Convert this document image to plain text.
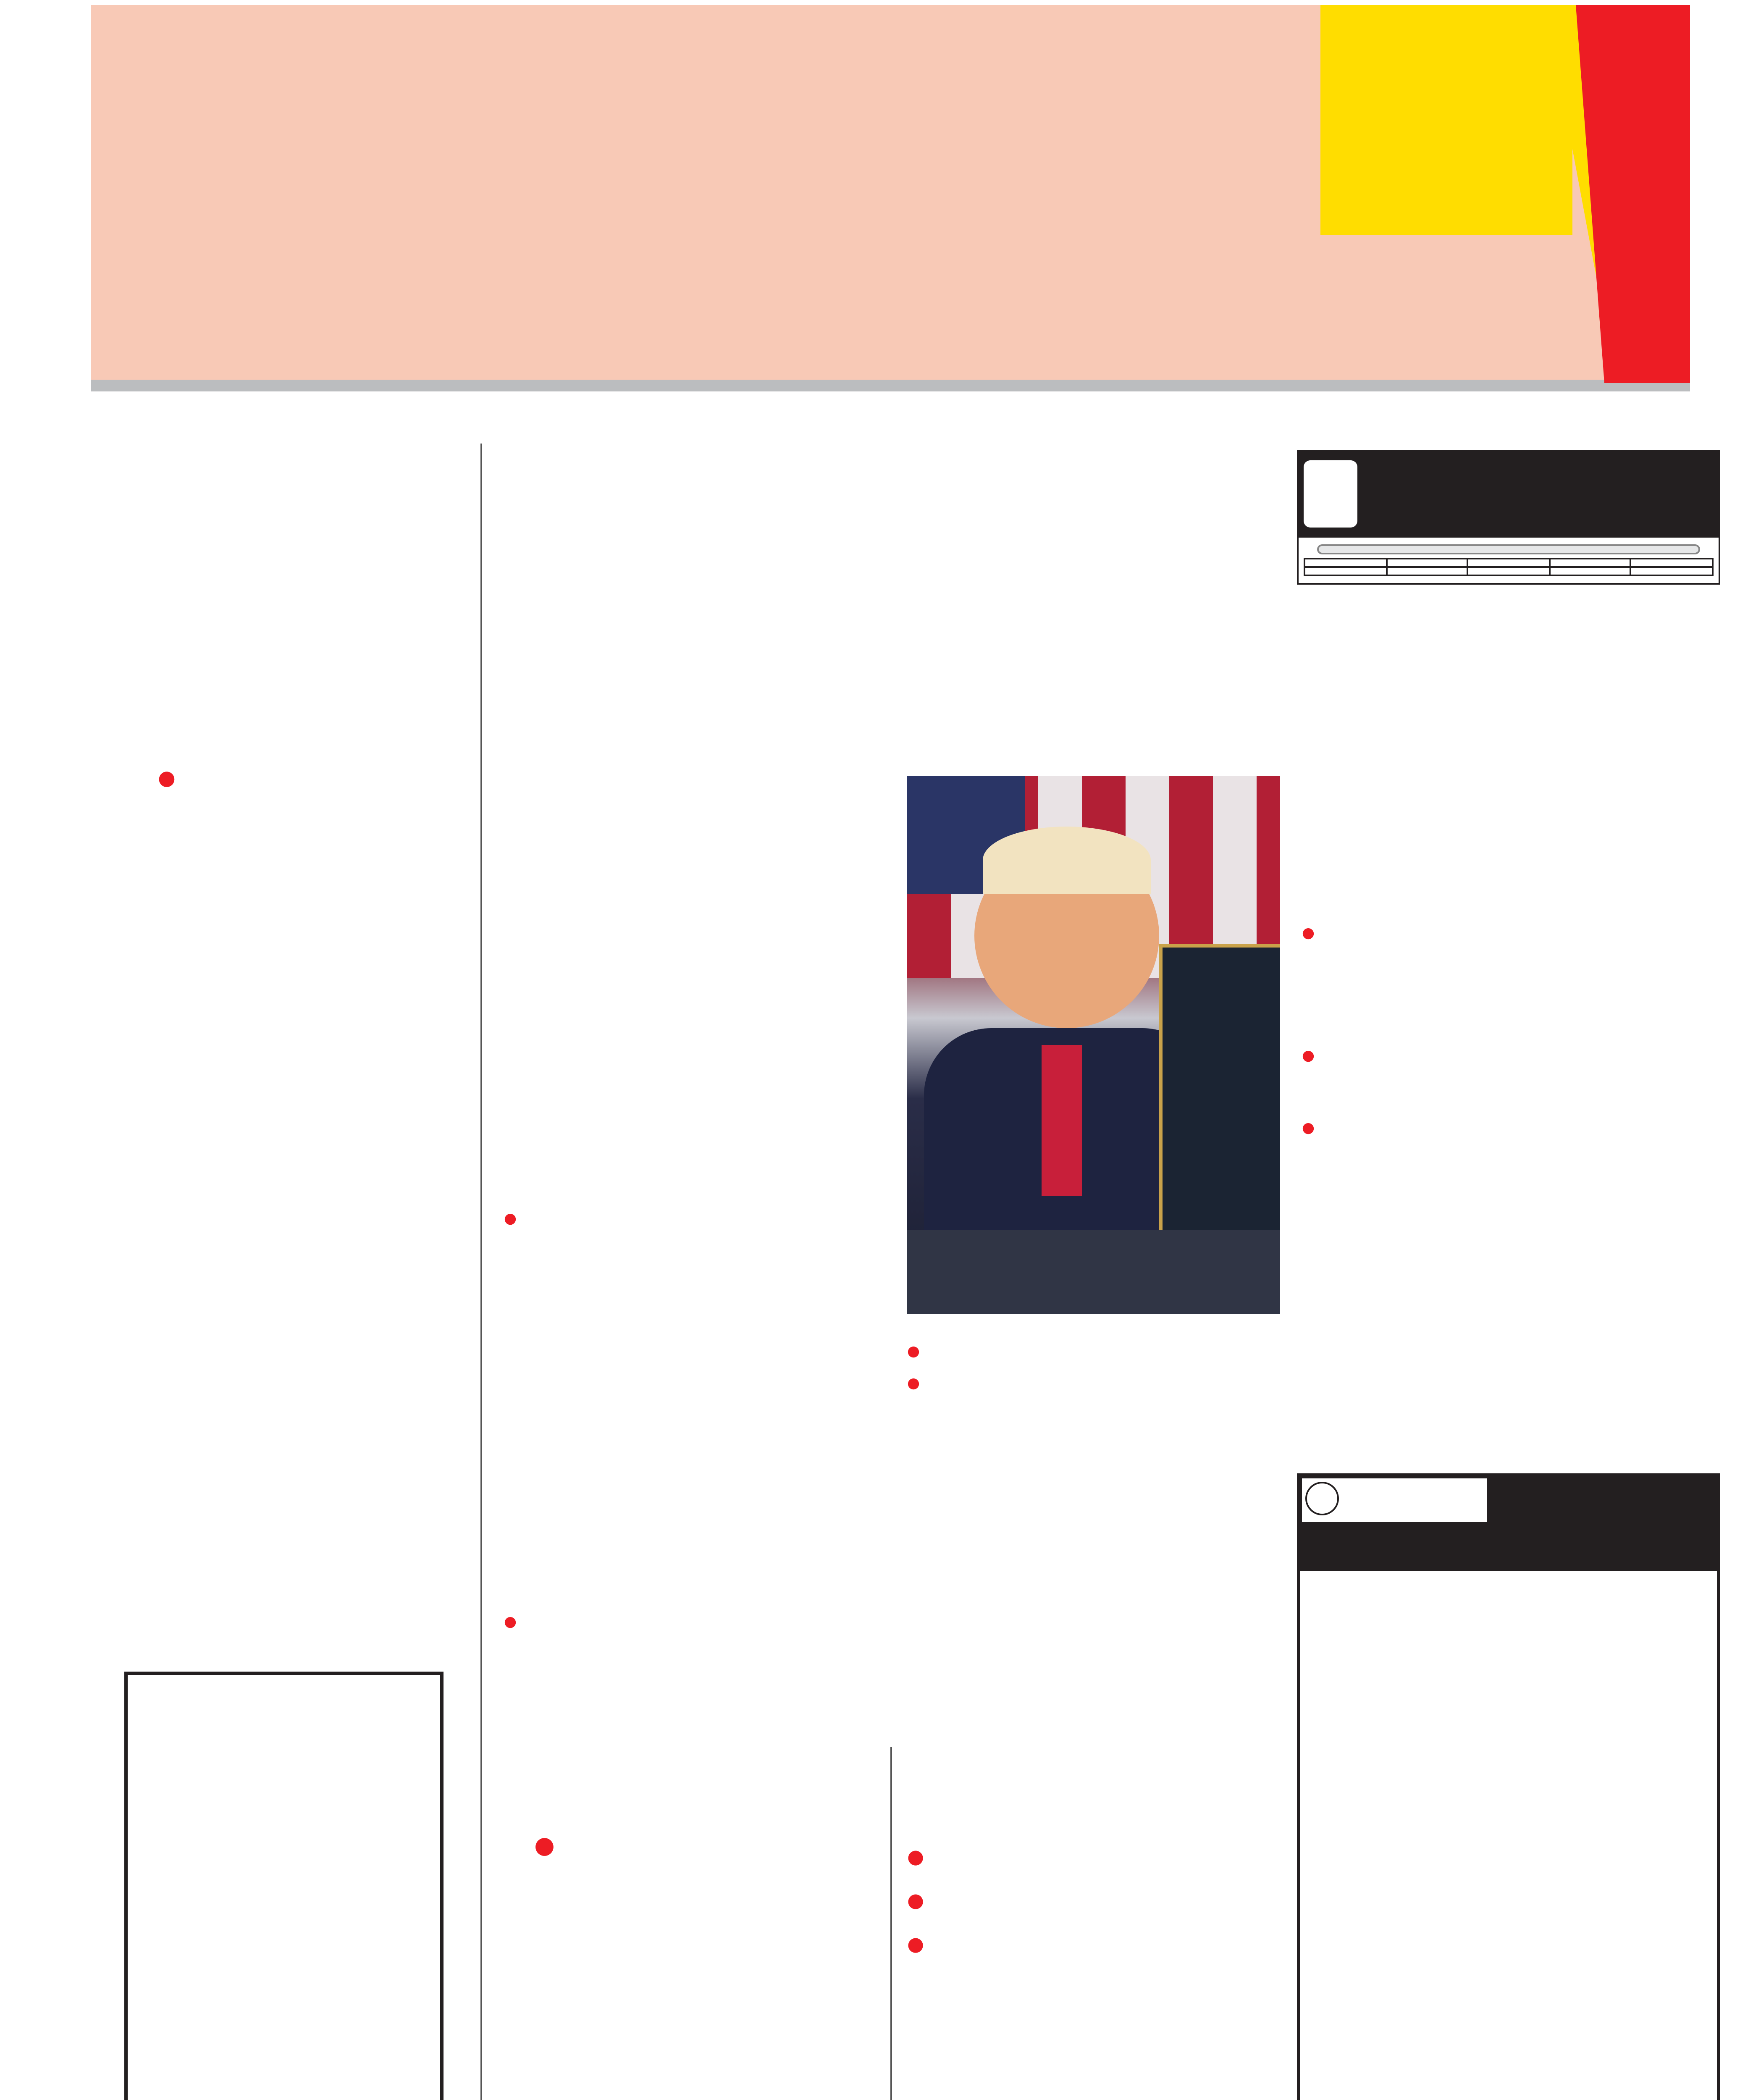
●
●
●
●
●
●
●
●
●	●
●
●
